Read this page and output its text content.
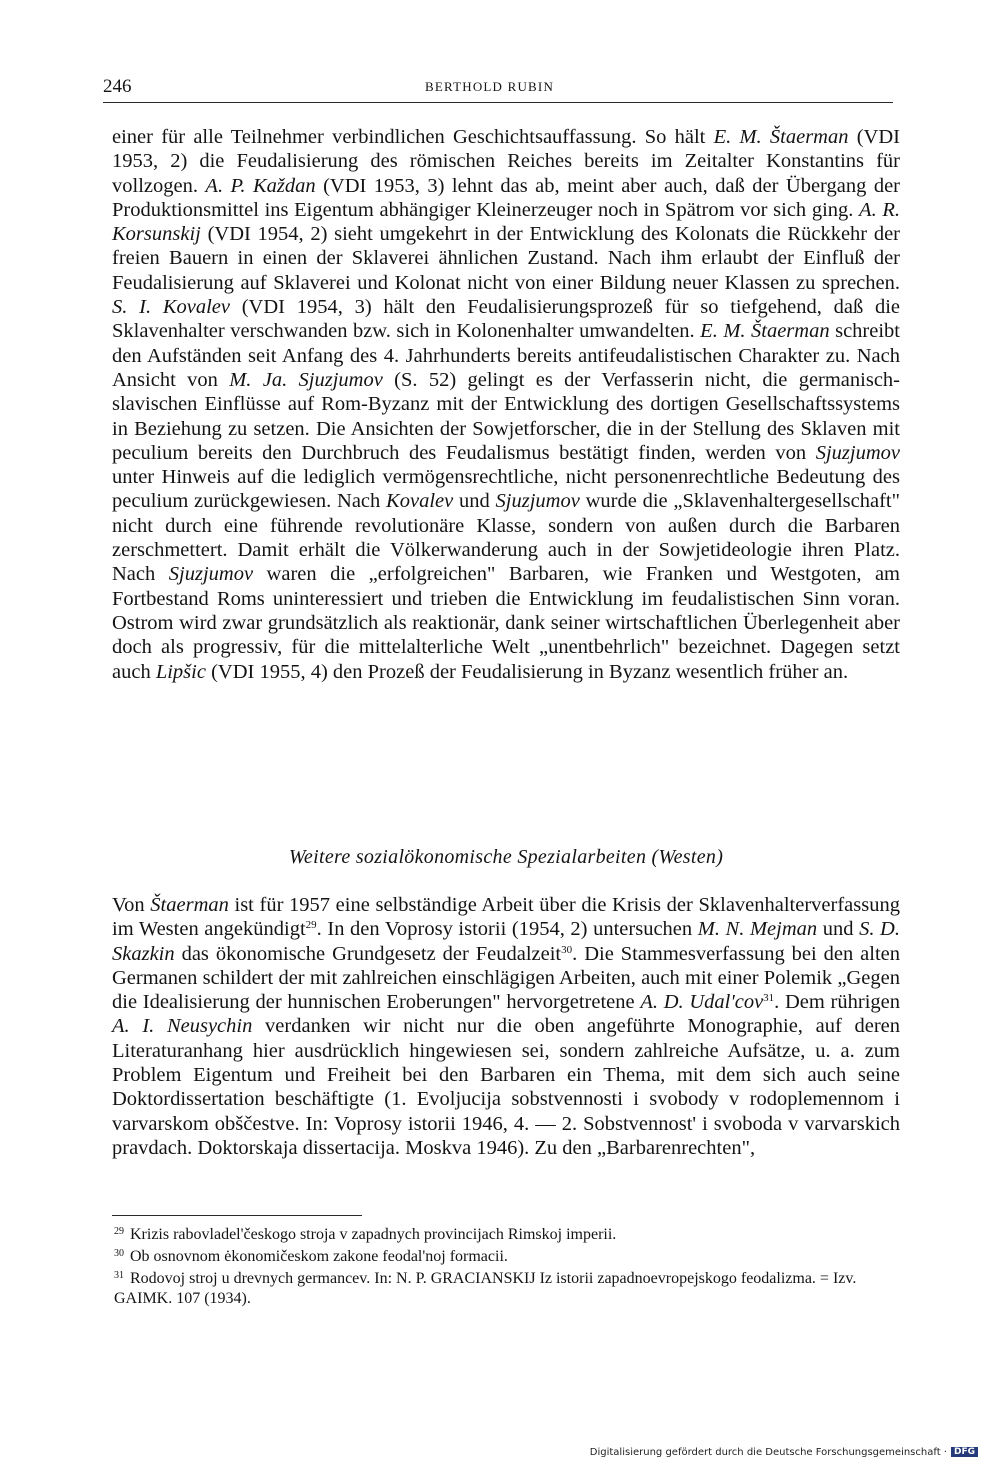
246	BERTHOLD RUBIN

einer für alle Teilnehmer verbindlichen Geschichtsauffassung. So hält E. M. Štaerman (VDI 1953, 2) die Feudalisierung des römischen Reiches bereits im Zeitalter Konstantins für vollzogen. A. P. Každan (VDI 1953, 3) lehnt das ab, meint aber auch, daß der Übergang der Produktionsmittel ins Eigentum abhängiger Kleinerzeuger noch in Spätrom vor sich ging. A. R. Korsunskij (VDI 1954, 2) sieht umgekehrt in der Entwicklung des Kolonats die Rückkehr der freien Bauern in einen der Sklaverei ähnlichen Zustand. Nach ihm erlaubt der Einfluß der Feudalisierung auf Sklaverei und Kolonat nicht von einer Bildung neuer Klassen zu sprechen. S. I. Kovalev (VDI 1954, 3) hält den Feudalisierungsprozeß für so tiefgehend, daß die Sklavenhalter verschwanden bzw. sich in Kolonenhalter umwandelten. E. M. Štaerman schreibt den Aufständen seit Anfang des 4. Jahrhunderts bereits antifeudalistischen Charakter zu. Nach Ansicht von M. Ja. Sjuzjumov (S. 52) gelingt es der Verfasserin nicht, die germanisch-slavischen Einflüsse auf Rom-Byzanz mit der Entwicklung des dortigen Gesellschaftssystems in Beziehung zu setzen. Die Ansichten der Sowjetforscher, die in der Stellung des Sklaven mit peculium bereits den Durchbruch des Feudalismus bestätigt finden, werden von Sjuzjumov unter Hinweis auf die lediglich vermögensrechtliche, nicht personenrechtliche Bedeutung des peculium zurückgewiesen. Nach Kovalev und Sjuzjumov wurde die „Sklavenhaltergesellschaft" nicht durch eine führende revolutionäre Klasse, sondern von außen durch die Barbaren zerschmettert. Damit erhält die Völkerwanderung auch in der Sowjetideologie ihren Platz. Nach Sjuzjumov waren die „erfolgreichen" Barbaren, wie Franken und Westgoten, am Fortbestand Roms uninteressiert und trieben die Entwicklung im feudalistischen Sinn voran. Ostrom wird zwar grundsätzlich als reaktionär, dank seiner wirtschaftlichen Überlegenheit aber doch als progressiv, für die mittelalterliche Welt „unentbehrlich" bezeichnet. Dagegen setzt auch Lipšic (VDI 1955, 4) den Prozeß der Feudalisierung in Byzanz wesentlich früher an.

Weitere sozialökonomische Spezialarbeiten (Westen)

Von Štaerman ist für 1957 eine selbständige Arbeit über die Krisis der Sklavenhalterverfassung im Westen angekündigt$^{29}$. In den Voprosy istorii (1954, 2) untersuchen M. N. Mejman und S. D. Skazkin das ökonomische Grundgesetz der Feudalzeit$^{30}$. Die Stammesverfassung bei den alten Germanen schildert der mit zahlreichen einschlägigen Arbeiten, auch mit einer Polemik „Gegen die Idealisierung der hunnischen Eroberungen" hervorgetretene A. D. Udal'cov$^{31}$. Dem rührigen A. I. Neusychin verdanken wir nicht nur die oben angeführte Monographie, auf deren Literaturanhang hier ausdrücklich hingewiesen sei, sondern zahlreiche Aufsätze, u. a. zum Problem Eigentum und Freiheit bei den Barbaren ein Thema, mit dem sich auch seine Doktordissertation beschäftigte (1. Evoljucija sobstvennosti i svobody v rodoplemennom i varvarskom obščestve. In: Voprosy istorii 1946, 4. — 2. Sobstvennost' i svoboda v varvarskich pravdach. Doktorskaja dissertacija. Moskva 1946). Zu den „Barbarenrechten",

$^{29}$ Krizis rabovladel'českogo stroja v zapadnych provincijach Rimskoj imperii.

$^{30}$ Ob osnovnom ėkonomičeskom zakone feodal'noj formacii.

$^{31}$ Rodovoj stroj u drevnych germancev. In: N. P. GRACIANSKIJ Iz istorii zapadnoevropejskogo feodalizma. = Izv. GAIMK. 107 (1934).

Digitalisierung gefördert durch die Deutsche Forschungsgemeinschaft · DFG
